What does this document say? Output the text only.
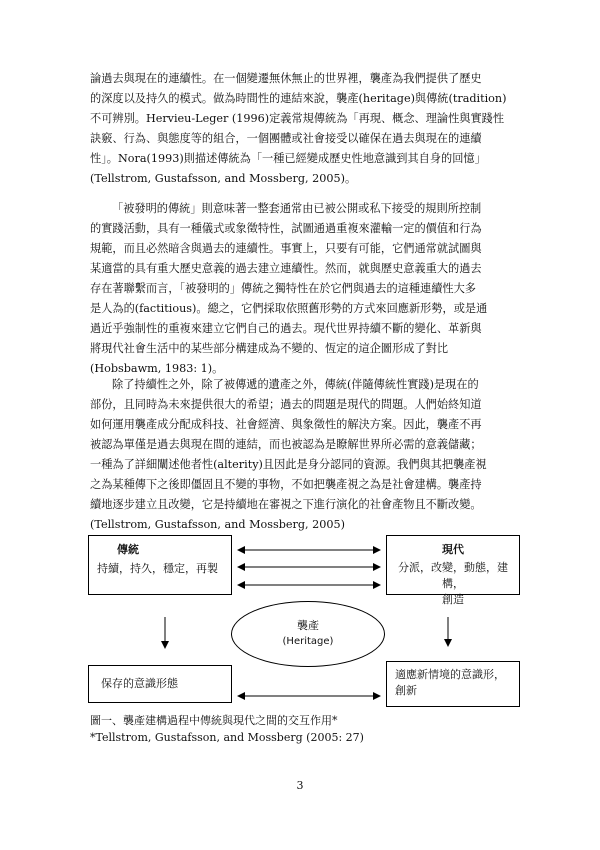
論過去與現在的連續性。在一個變遷無休無止的世界裡，襲產為我們提供了歷史
的深度以及持久的模式。做為時間性的連結來說，襲產(heritage)與傳統(tradition)
不可辨別。Hervieu-Leger (1996)定義常規傳統為「再現、概念、理論性與實踐性
訣竅、行為、與態度等的組合，一個團體或社會接受以確保在過去與現在的連續
性」。Nora(1993)則描述傳統為「一種已經變成歷史性地意識到其自身的回憶」
(Tellstrom, Gustafsson, and Mossberg, 2005)。
「被發明的傳統」則意味著一整套通常由已被公開或私下接受的規則所控制
的實踐活動，具有一種儀式或象徵特性，試圖通過重複來灌輸一定的價值和行為
規範，而且必然暗含與過去的連續性。事實上，只要有可能，它們通常就試圖與
某適當的具有重大歷史意義的過去建立連續性。然而，就與歷史意義重大的過去
存在著聯繫而言，「被發明的」傳統之獨特性在於它們與過去的這種連續性大多
是人為的(factitious)。總之，它們採取依照舊形勢的方式來回應新形勢，或是通
過近乎強制性的重複來建立它們自己的過去。現代世界持續不斷的變化、革新與
將現代社會生活中的某些部分構建成為不變的、恆定的這企圖形成了對比
(Hobsbawm, 1983: 1)。
除了持續性之外，除了被傳遞的遺產之外，傳統(伴隨傳統性實踐)是現在的
部份，且同時為未來提供很大的希望；過去的問題是現代的問題。人們始終知道
如何運用襲產成分配成科技、社會經濟、與象徵性的解決方案。因此，襲產不再
被認為單僅是過去與現在間的連結，而也被認為是瞭解世界所必需的意義儲藏；
一種為了詳細闡述他者性(alterity)且因此是身分認同的資源。我們與其把襲產視
之為某種傳下之後即僵固且不變的事物，不如把襲產視之為是社會建構。襲產持
續地逐步建立且改變，它是持續地在審視之下進行演化的社會產物且不斷改變。
(Tellstrom, Gustafsson, and Mossberg, 2005)
傳統
持續，持久，穩定，再製
現代
分派，改變，動態，建構，
創造
襲產
(Heritage)
保存的意識形態
適應新情境的意識形，
創新
圖一、襲產建構過程中傳統與現代之間的交互作用*
*Tellstrom, Gustafsson, and Mossberg (2005: 27)
3
